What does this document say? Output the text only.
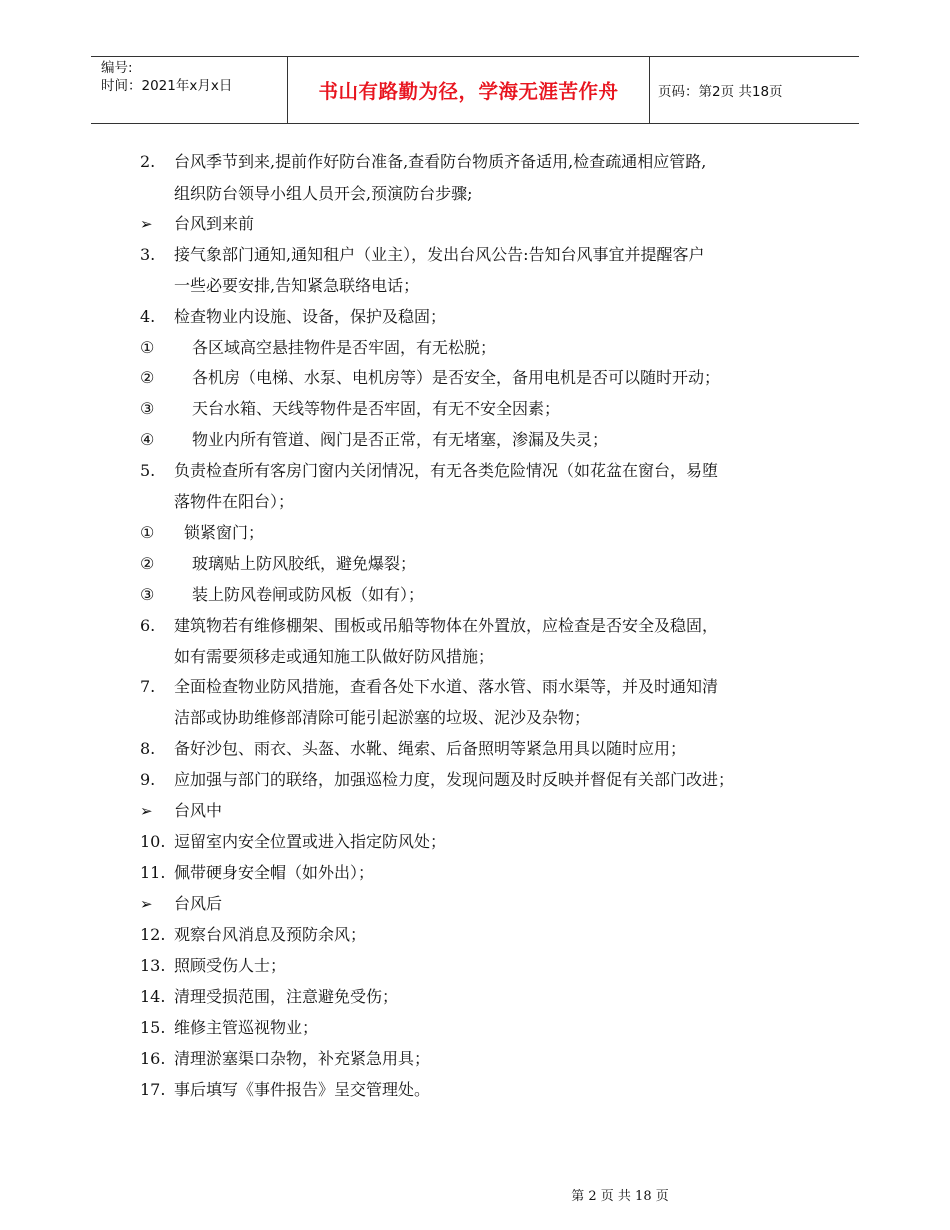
编号:
时间：2021年x月x日	书山有路勤为径，学海无涯苦作舟	页码：第2页 共18页
2.	台风季节到来,提前作好防台准备,查看防台物质齐备适用,检查疏通相应管路,
组织防台领导小组人员开会,预演防台步骤;
➢	台风到来前
3.	接气象部门通知,通知租户（业主），发出台风公告:告知台风事宜并提醒客户
一些必要安排,告知紧急联络电话；
4.	检查物业内设施、设备，保护及稳固；
①	各区域高空悬挂物件是否牢固，有无松脱；
②	各机房（电梯、水泵、电机房等）是否安全，备用电机是否可以随时开动；
③	天台水箱、天线等物件是否牢固，有无不安全因素；
④	物业内所有管道、阀门是否正常，有无堵塞，渗漏及失灵；
5.	负责检查所有客房门窗内关闭情况，有无各类危险情况（如花盆在窗台，易堕
落物件在阳台）；
①	锁紧窗门；
②	玻璃贴上防风胶纸，避免爆裂；
③	装上防风卷闸或防风板（如有）；
6.	建筑物若有维修棚架、围板或吊船等物体在外置放，应检查是否安全及稳固，
如有需要须移走或通知施工队做好防风措施；
7.	全面检查物业防风措施，查看各处下水道、落水管、雨水渠等，并及时通知清
洁部或协助维修部清除可能引起淤塞的垃圾、泥沙及杂物；
8.	备好沙包、雨衣、头盔、水靴、绳索、后备照明等紧急用具以随时应用；
9.	应加强与部门的联络，加强巡检力度，发现问题及时反映并督促有关部门改进；
➢	台风中
10. 逗留室内安全位置或进入指定防风处；
11. 佩带硬身安全帽（如外出）；
➢	台风后
12. 观察台风消息及预防余风；
13. 照顾受伤人士；
14. 清理受损范围，注意避免受伤；
15. 维修主管巡视物业；
16. 清理淤塞渠口杂物，补充紧急用具；
17. 事后填写《事件报告》呈交管理处。
第 2 页 共 18 页
